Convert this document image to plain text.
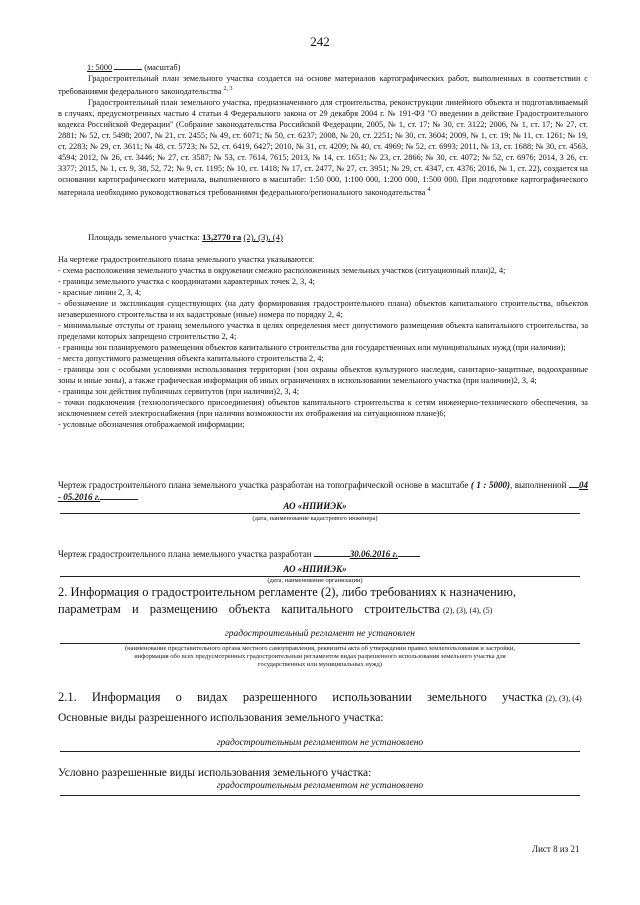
242
1: 5000	(масштаб)
Градостроительный план земельного участка создается на основе материалов картографических работ, выполненных в соответствии с требованиями федерального законодательства $^{2, 3}$
Градостроительный план земельного участка, предназначенного для строительства, реконструкции линейного объекта и подготавливаемый в случаях, предусмотренных частью 4 статьи 4 Федерального закона от 29 декабря 2004 г. № 191-ФЗ "О введении в действие Градостроительного кодекса Российской Федерации" (Собрание законодательства Российской Федерации, 2005, № 1, ст. 17; № 30, ст. 3122; 2006, № 1, ст. 17; № 27, ст. 2881; № 52, ст. 5498; 2007, № 21, ст. 2455; № 49, ст. 6071; № 50, ст. 6237; 2008, № 20, ст. 2251; № 30, ст. 3604; 2009, № 1, ст. 19; № 11, ст. 1261; № 19, ст. 2283; № 29, ст. 3611; № 48, ст. 5723; № 52, ст. 6419, 6427; 2010, № 31, ст. 4209; № 40, ст. 4969; № 52, ст. 6993; 2011, № 13, ст. 1688; № 30, ст. 4563, 4594; 2012, № 26, ст. 3446; № 27, ст. 3587; № 53, ст. 7614, 7615; 2013, № 14, ст. 1651; № 23, ст. 2866; № 30, ст. 4072; № 52, ст. 6976; 2014, 3 26, ст. 3377; 2015, № 1, ст. 9, 38, 52, 72; № 9, ст. 1195; № 10, ст. 1418; № 17, ст. 2477, № 27, ст. 3951; № 29, ст. 4347, ст. 4376; 2016, № 1, ст. 22), создается на основании картографического материала, выполненного в масштабе: 1:50 000, 1:100 000, 1:200 000, 1:500 000. При подготовке картографического материала необходимо руководствоваться требованиями федерального/регионального законодательства $^4$
Площадь земельного участка: 13,2770 га (2), (3), (4)
На чертеже градостроительного плана земельного участка указываются:
- схема расположения земельного участка в окружении смежно расположенных земельных участков (ситуационный план)2, 4;
- границы земельного участка с координатами характерных точек 2, 3, 4;
- красные линии 2, 3, 4;
- обозначение и экспликация существующих (на дату формирования градостроительного плана) объектов капитального строительства, объектов незавершенного строительства и их кадастровые (иные) номера по порядку 2, 4;
- минимальные отступы от границ земельного участка в целях определения мест допустимого размещения объекта капитального строительства, за пределами которых запрещено строительство 2, 4;
- границы зон планируемого размещения объектов капитального строительства для государственных или муниципальных нужд (при наличии);
- места допустимого размещения объекта капитального строительства 2, 4;
- границы зон с особыми условиями использования территории (зон охраны объектов культурного наследия, санитарно-защитные, водоохранные зоны и иные зоны), а также графическая информация об иных ограничениях в использовании земельного участка (при наличии)2, 3, 4;
- границы зон действия публичных сервитутов (при наличии)2, 3, 4;
- точки подключения (технологического присоединения) объектов капитального строительства к сетям инженерно-технического обеспечения, за исключением сетей электроснабжения (при наличии возможности их отображения на ситуационном плане)6;
- условные обозначения отображаемой информации;
Чертеж градостроительного плана земельного участка разработан на топографической основе в масштабе ( 1 : 5000), выполненной 04 - 05.2016 г.
АО «НПИИЭК»
(дата, наименование кадастрового инженера)
Чертеж градостроительного плана земельного участка разработан	30.06.2016 г.
АО «НПИИЭК»
(дата, наименование организации)
2. Информация о градостроительном регламенте (2), либо требованиях к назначению,
параметрам и размещению объекта капитального строительства (2), (3), (4), (5)
градостроительный регламент не установлен
(наименование представительного органа местного самоуправления, реквизиты акта об утверждении правил землепользования и застройки,
информация обо всех предусмотренных градостроительным регламентом видах разрешенного использования земельного участка для
государственных или муниципальных нужд)
2.1. Информация о видах разрешенного использовании земельного участка (2), (3), (4)
Основные виды разрешенного использования земельного участка:
градостроительным регламентом не установлено
Условно разрешенные виды использования земельного участка:
градостроительным регламентом не установлено
Лист 8 из 21
